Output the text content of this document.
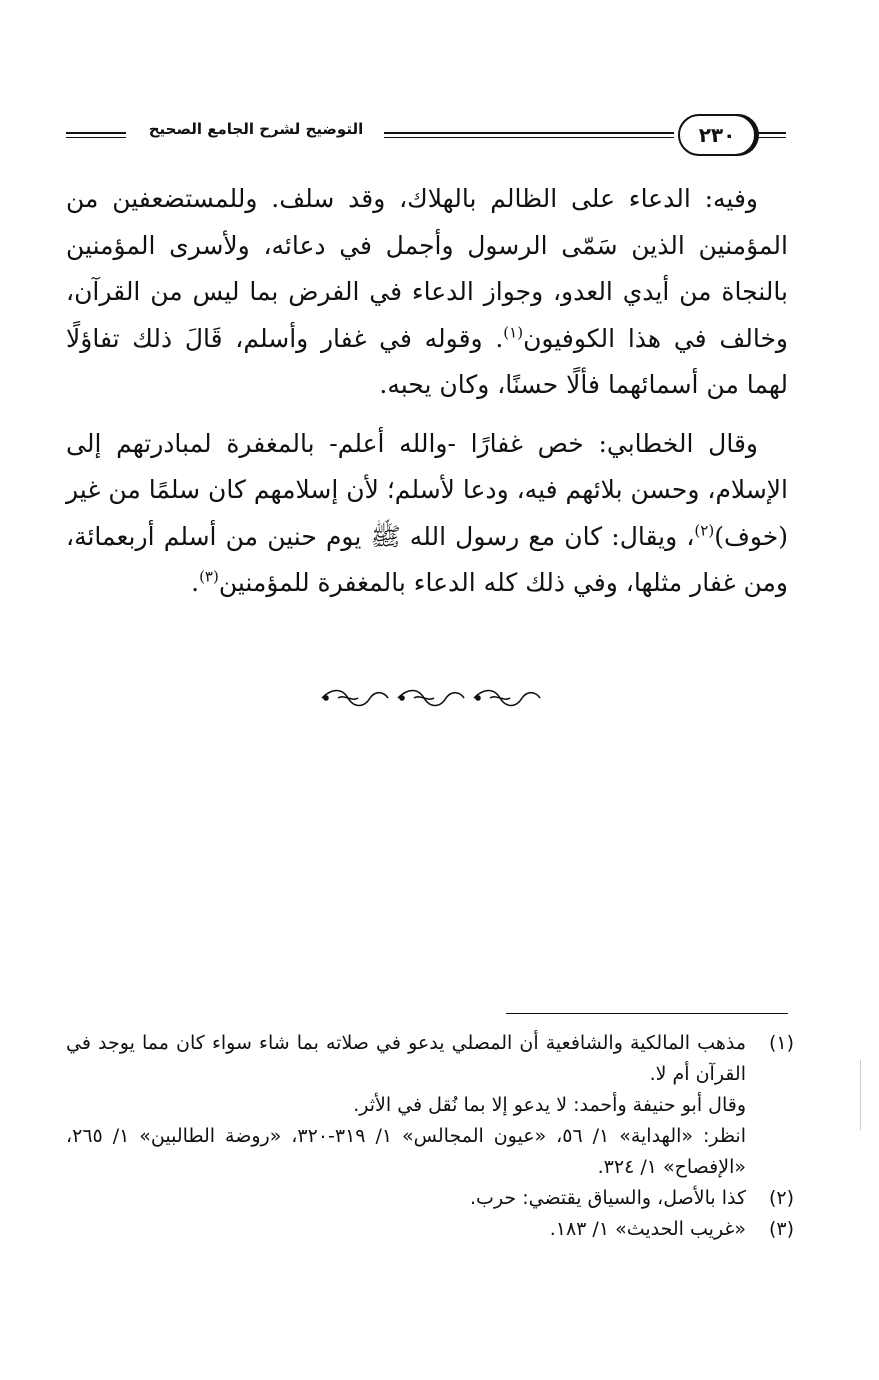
التوضيح لشرح الجامع الصحيح	٢٣٠

وفيه: الدعاء على الظالم بالهلاك، وقد سلف. وللمستضعفين من المؤمنين الذين سَمّى الرسول وأجمل في دعائه، ولأسرى المؤمنين بالنجاة من أيدي العدو، وجواز الدعاء في الفرض بما ليس من القرآن، وخالف في هذا الكوفيون$^{(١)}$. وقوله في غفار وأسلم، قَالَ ذلك تفاؤلًا لهما من أسمائهما فألًا حسنًا، وكان يحبه.

وقال الخطابي: خص غفارًا -والله أعلم- بالمغفرة لمبادرتهم إلى الإسلام، وحسن بلائهم فيه، ودعا لأسلم؛ لأن إسلامهم كان سلمًا من غير (خوف)$^{(٢)}$، ويقال: كان مع رسول الله ﷺ يوم حنين من أسلم أربعمائة، ومن غفار مثلها، وفي ذلك كله الدعاء بالمغفرة للمؤمنين$^{(٣)}$.

(١)
مذهب المالكية والشافعية أن المصلي يدعو في صلاته بما شاء سواء كان مما يوجد في القرآن أم لا.
وقال أبو حنيفة وأحمد: لا يدعو إلا بما نُقل في الأثر.
انظر: «الهداية» ١/ ٥٦، «عيون المجالس» ١/ ٣١٩-٣٢٠، «روضة الطالبين» ١/ ٢٦٥، «الإفصاح» ١/ ٣٢٤.
(٢)
كذا بالأصل، والسياق يقتضي: حرب.
(٣)
«غريب الحديث» ١/ ١٨٣.
